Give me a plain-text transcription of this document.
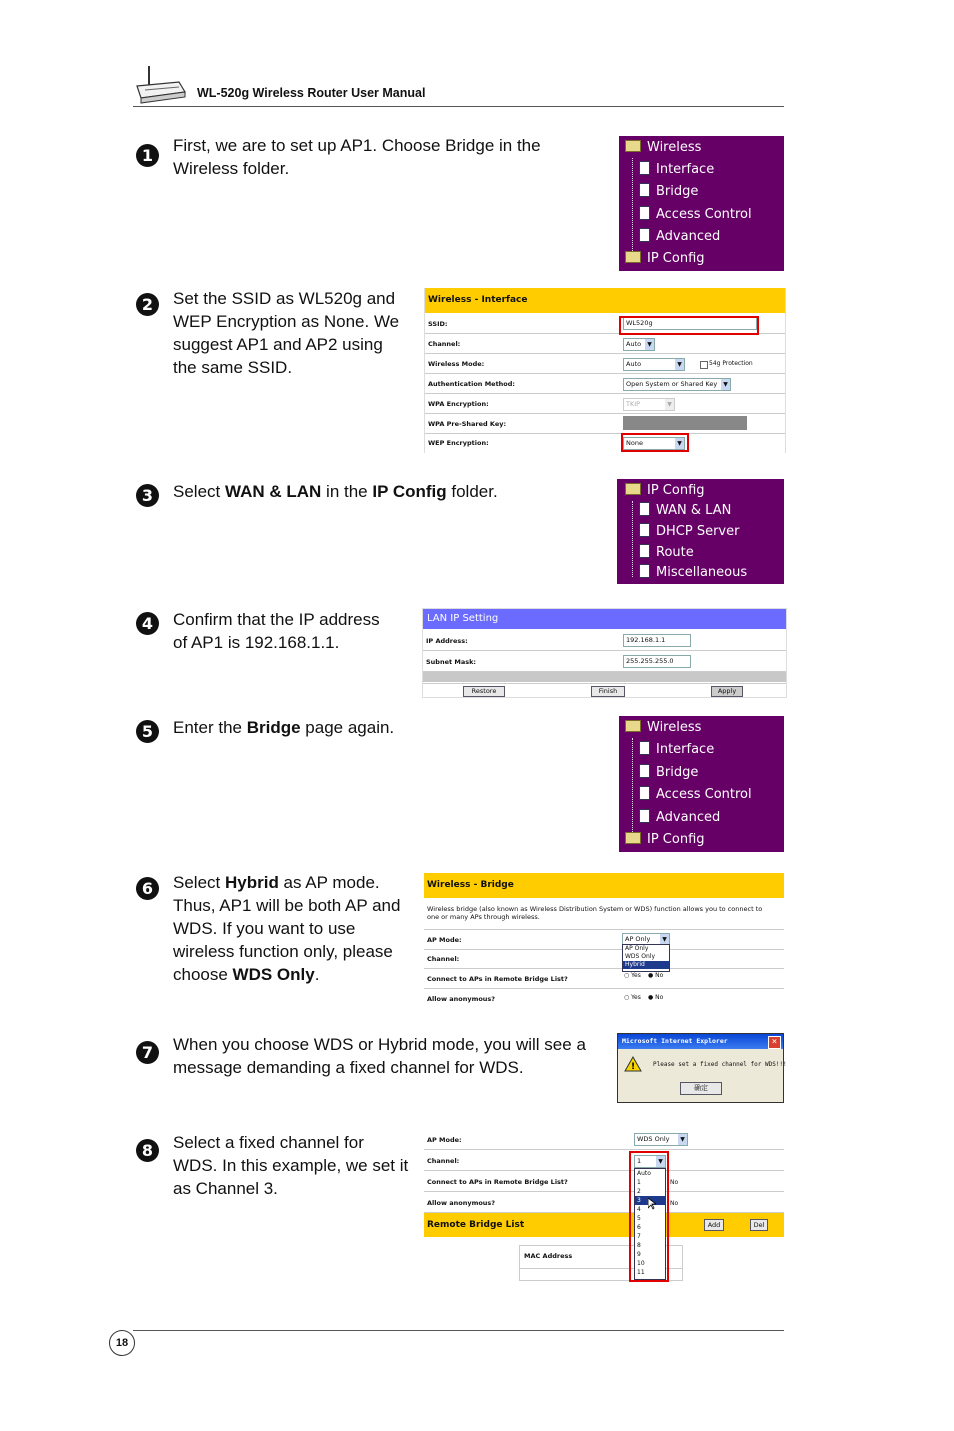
WL-520g Wireless Router User Manual
1
First, we are to set up AP1. Choose Bridge in the Wireless folder.
Wireless
Interface
Bridge
Access Control
Advanced
IP Config
2	Set the SSID as WL520g and WEP Encryption as None. We suggest AP1 and AP2 using the same SSID.
Wireless - Interface
SSID:	WL520g
Channel:	Auto	▼
Wireless Mode:	Auto	▼	54g Protection
Authentication Method:	Open System or Shared Key	▼
WPA Encryption:	TKIP	▼
WPA Pre-Shared Key:
WEP Encryption:	None	▼
3	Select WAN & LAN in the IP Config folder.	IP Config
WAN & LAN
DHCP Server
Route
Miscellaneous
4	Confirm that the IP address of AP1 is 192.168.1.1.
LAN IP Setting
IP Address:	192.168.1.1
Subnet Mask:	255.255.255.0
Restore	Finish	Apply
5	Enter the Bridge page again.	Wireless
Interface
Bridge
Access Control
Advanced
IP Config
6	Select Hybrid as AP mode. Thus, AP1 will be both AP and WDS. If you want to use wireless function only, please choose WDS Only.
Wireless - Bridge
Wireless bridge (also known as Wireless Distribution System or WDS) function allows you to connect to one or many APs through wireless.
AP Mode:	AP Only	▼
Channel:
Connect to APs in Remote Bridge List?	○ Yes ● No
Allow anonymous?	○ Yes ● No
AP Only
WDS Only
Hybrid
7	When you choose WDS or Hybrid mode, you will see a message demanding a fixed channel for WDS.
Microsoft Internet Explorer	×
!	Please set a fixed channel for WDS!!!
确定
8	Select a fixed channel for WDS. In this example, we set it as Channel 3.
AP Mode:	WDS Only	▼
Channel:	1	▼
Connect to APs in Remote Bridge List?	No
Allow anonymous?	No
Remote Bridge List	Add	Del
MAC Address
Auto
1
2
3
4
5
6
7
8
9
10
11
18
